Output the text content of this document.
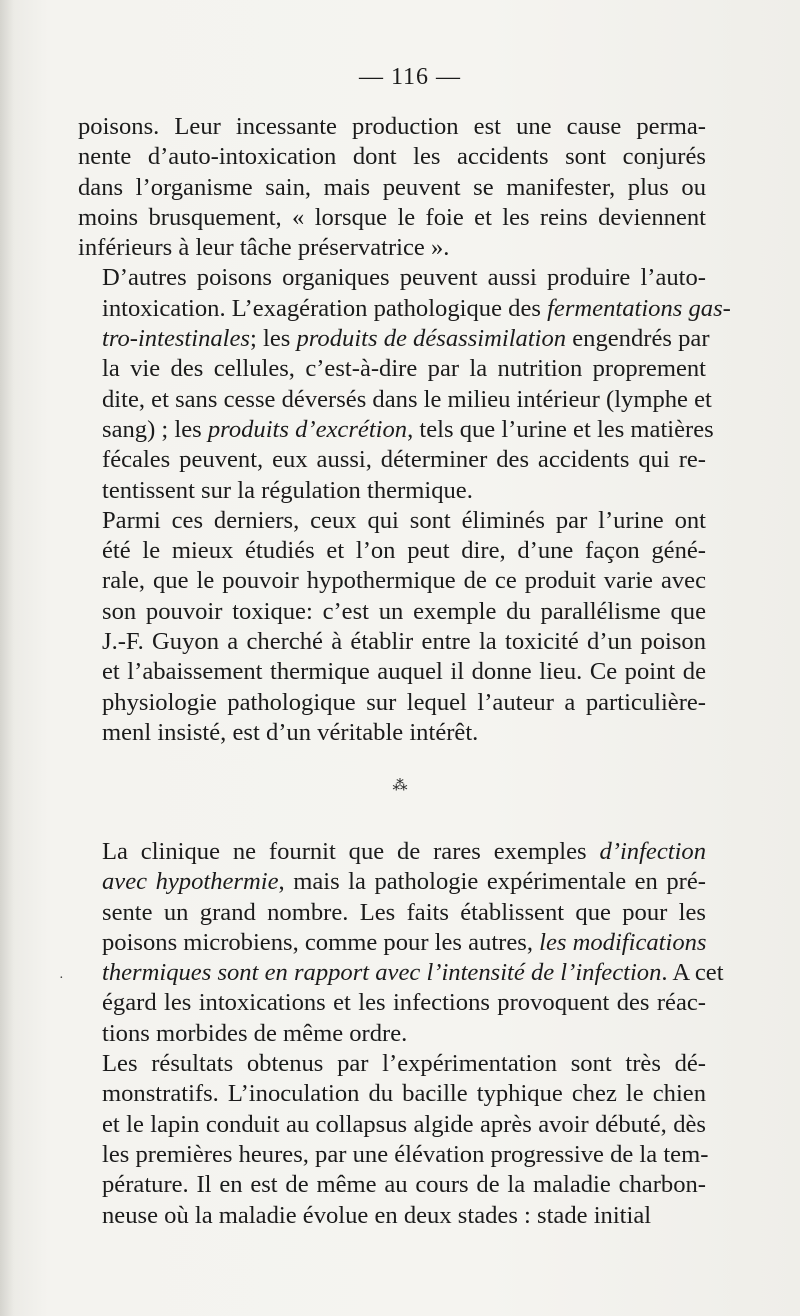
— 116 —

poisons. Leur incessante production est une cause perma-
nente d’auto-intoxication dont les accidents sont conjurés
dans l’organisme sain, mais peuvent se manifester, plus ou
moins brusquement, « lorsque le foie et les reins deviennent
inférieurs à leur tâche préservatrice ».

D’autres poisons organiques peuvent aussi produire l’auto-
intoxication. L’exagération pathologique des fermentations gas-
tro-intestinales; les produits de désassimilation engendrés par
la vie des cellules, c’est-à-dire par la nutrition proprement
dite, et sans cesse déversés dans le milieu intérieur (lymphe et
sang) ; les produits d’excrétion, tels que l’urine et les matières
fécales peuvent, eux aussi, déterminer des accidents qui re-
tentissent sur la régulation thermique.

Parmi ces derniers, ceux qui sont éliminés par l’urine ont
été le mieux étudiés et l’on peut dire, d’une façon géné-
rale, que le pouvoir hypothermique de ce produit varie avec
son pouvoir toxique: c’est un exemple du parallélisme que
J.-F. Guyon a cherché à établir entre la toxicité d’un poison
et l’abaissement thermique auquel il donne lieu. Ce point de
physiologie pathologique sur lequel l’auteur a particulière-
menl insisté, est d’un véritable intérêt.

⁂
·

La clinique ne fournit que de rares exemples d’infection
avec hypothermie, mais la pathologie expérimentale en pré-
sente un grand nombre. Les faits établissent que pour les
poisons microbiens, comme pour les autres, les modifications
thermiques sont en rapport avec l’intensité de l’infection. A cet
égard les intoxications et les infections provoquent des réac-
tions morbides de même ordre.

Les résultats obtenus par l’expérimentation sont très dé-
monstratifs. L’inoculation du bacille typhique chez le chien
et le lapin conduit au collapsus algide après avoir débuté, dès
les premières heures, par une élévation progressive de la tem-
pérature. Il en est de même au cours de la maladie charbon-
neuse où la maladie évolue en deux stades : stade initial
